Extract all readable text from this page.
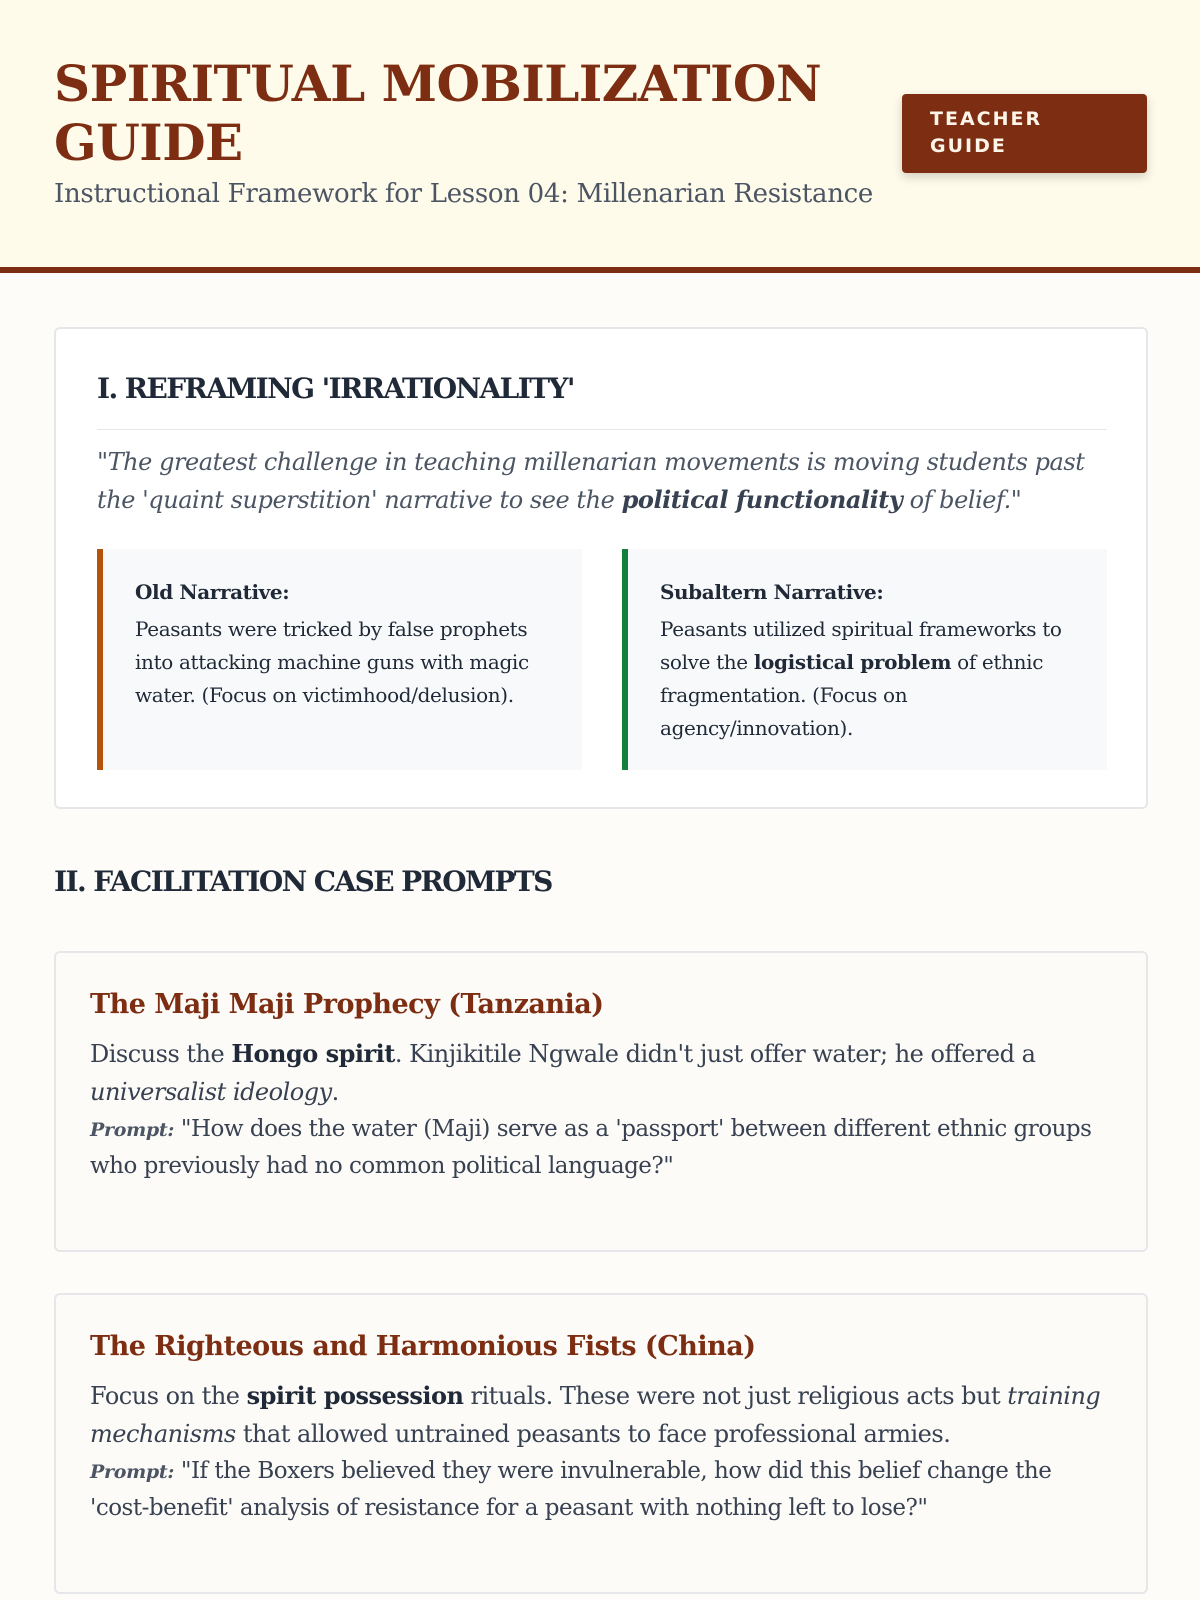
SPIRITUAL MOBILIZATION GUIDE
Instructional Framework for Lesson 04: Millenarian Resistance
TEACHER
GUIDE
I. REFRAMING 'IRRATIONALITY'
"The greatest challenge in teaching millenarian movements is moving students past the 'quaint superstition' narrative to see the political functionality of belief."
Old Narrative:
Peasants were tricked by false prophets into attacking machine guns with magic water. (Focus on victimhood/delusion).
Subaltern Narrative:
Peasants utilized spiritual frameworks to solve the logistical problem of ethnic fragmentation. (Focus on agency/innovation).
II. FACILITATION CASE PROMPTS
The Maji Maji Prophecy (Tanzania)
Discuss the Hongo spirit. Kinjikitile Ngwale didn't just offer water; he offered a universalist ideology.
Prompt: "How does the water (Maji) serve as a 'passport' between different ethnic groups who previously had no common political language?"
The Righteous and Harmonious Fists (China)
Focus on the spirit possession rituals. These were not just religious acts but training mechanisms that allowed untrained peasants to face professional armies.
Prompt: "If the Boxers believed they were invulnerable, how did this belief change the 'cost-benefit' analysis of resistance for a peasant with nothing left to lose?"
